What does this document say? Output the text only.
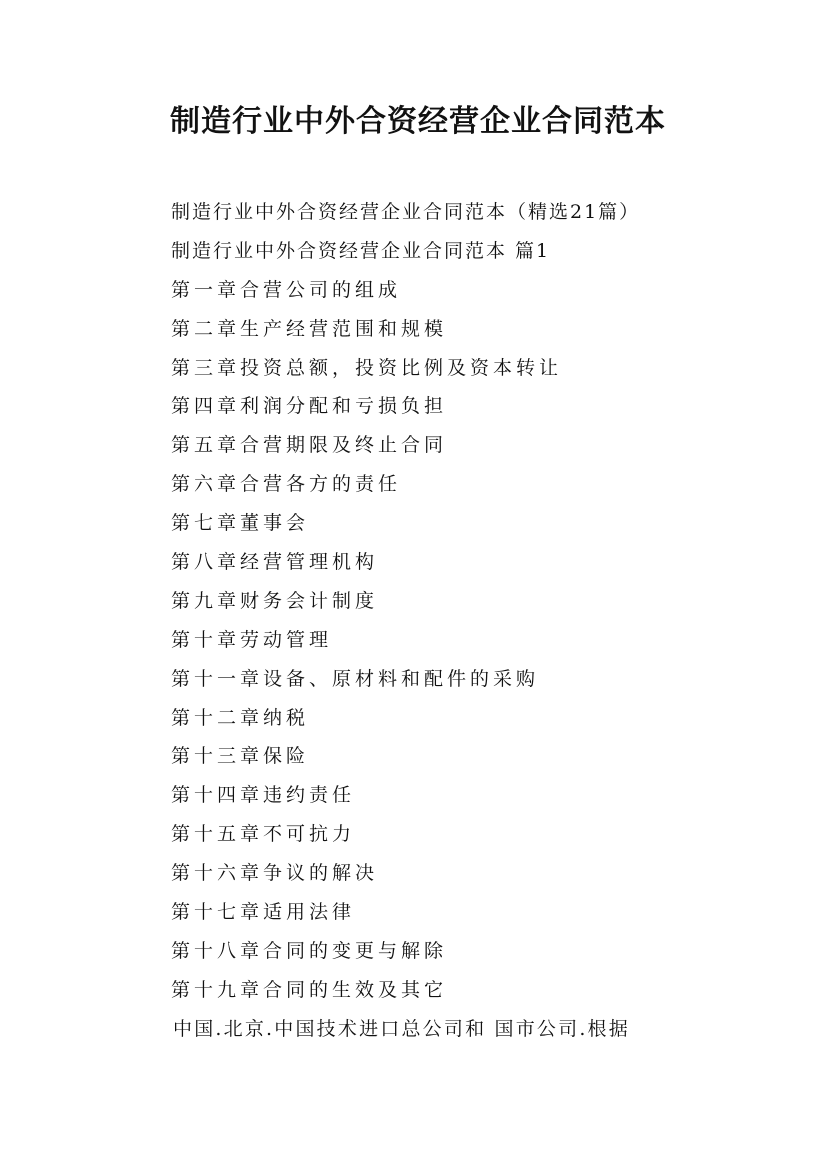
制造行业中外合资经营企业合同范本
制造行业中外合资经营企业合同范本（精选21篇）
制造行业中外合资经营企业合同范本 篇1
第一章合营公司的组成
第二章生产经营范围和规模
第三章投资总额，投资比例及资本转让
第四章利润分配和亏损负担
第五章合营期限及终止合同
第六章合营各方的责任
第七章董事会
第八章经营管理机构
第九章财务会计制度
第十章劳动管理
第十一章设备、原材料和配件的采购
第十二章纳税
第十三章保险
第十四章违约责任
第十五章不可抗力
第十六章争议的解决
第十七章适用法律
第十八章合同的变更与解除
第十九章合同的生效及其它
中国.北京.中国技术进口总公司和 国市公司.根据
